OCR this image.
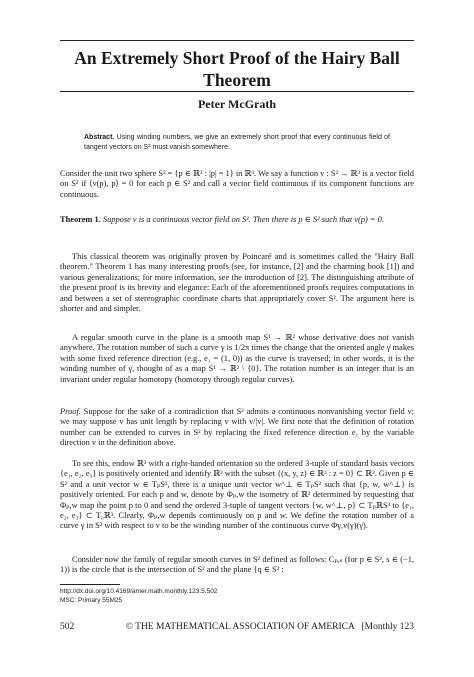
An Extremely Short Proof of the Hairy Ball Theorem
Peter McGrath
Abstract. Using winding numbers, we give an extremely short proof that every continuous field of tangent vectors on S² must vanish somewhere.
Consider the unit two sphere S² = {p ∈ ℝ³ : |p| = 1} in ℝ³. We say a function v : S² → ℝ³ is a vector field on S² if ⟨v(p), p⟩ = 0 for each p ∈ S² and call a vector field continuous if its component functions are continuous.
Theorem 1. Suppose v is a continuous vector field on S². Then there is p ∈ S² such that v(p) = 0.
This classical theorem was originally proven by Poincaré and is sometimes called the "Hairy Ball theorem." Theorem 1 has many interesting proofs (see, for instance, [2] and the charming book [1]) and various generalizations; for more information, see the introduction of [2]. The distinguishing attribute of the present proof is its brevity and elegance: Each of the aforementioned proofs requires computations in and between a set of stereographic coordinate charts that appropriately cover S². The argument here is shorter and and simpler.
A regular smooth curve in the plane is a smooth map S¹ → ℝ² whose derivative does not vanish anywhere. The rotation number of such a curve γ is 1/2π times the change that the oriented angle γ̇ makes with some fixed reference direction (e.g., e₁ = (1, 0)) as the curve is traversed; in other words, it is the winding number of γ̇, thought of as a map S¹ → ℝ² \ {0}. The rotation number is an integer that is an invariant under regular homotopy (homotopy through regular curves).
Proof. Suppose for the sake of a contradiction that S² admits a continuous nonvanishing vector field v; we may suppose v has unit length by replacing v with v/|v|. We first note that the definition of rotation number can be extended to curves in S² by replacing the fixed reference direction e₁ by the variable direction v in the definition above.
To see this, endow ℝ³ with a right-handed orientation so the ordered 3-tuple of standard basis vectors {e₁, e₂, e₃} is positively oriented and identify ℝ² with the subset {(x, y, z) ∈ ℝ³ : z = 0} ⊂ ℝ³. Given p ∈ S² and a unit vector w ∈ TₚS², there is a unique unit vector w^⊥ ∈ TₚS² such that {p, w, w^⊥} is positively oriented. For each p and w, denote by Φₚ,w the isometry of ℝ³ determined by requesting that Φₚ,w map the point p to 0 and send the ordered 3-tuple of tangent vectors {w, w^⊥, p} ⊂ TₚℝS³ to {e₁, e₂, e₃} ⊂ T₀ℝ³. Clearly, Φₚ,w depends continuously on p and w. We define the rotation number of a curve γ in S² with respect to v to be the winding number of the continuous curve Φγ,v(γ)(γ̇).
Consider now the family of regular smooth curves in S² defined as follows: Cₚ,ₛ (for p ∈ S², s ∈ (−1, 1)) is the circle that is the intersection of S² and the plane {q ∈ S² :
http://dx.doi.org/10.4169/amer.math.monthly.123.5.502
MSC: Primary 55M25
502	© THE MATHEMATICAL ASSOCIATION OF AMERICA [Monthly 123
